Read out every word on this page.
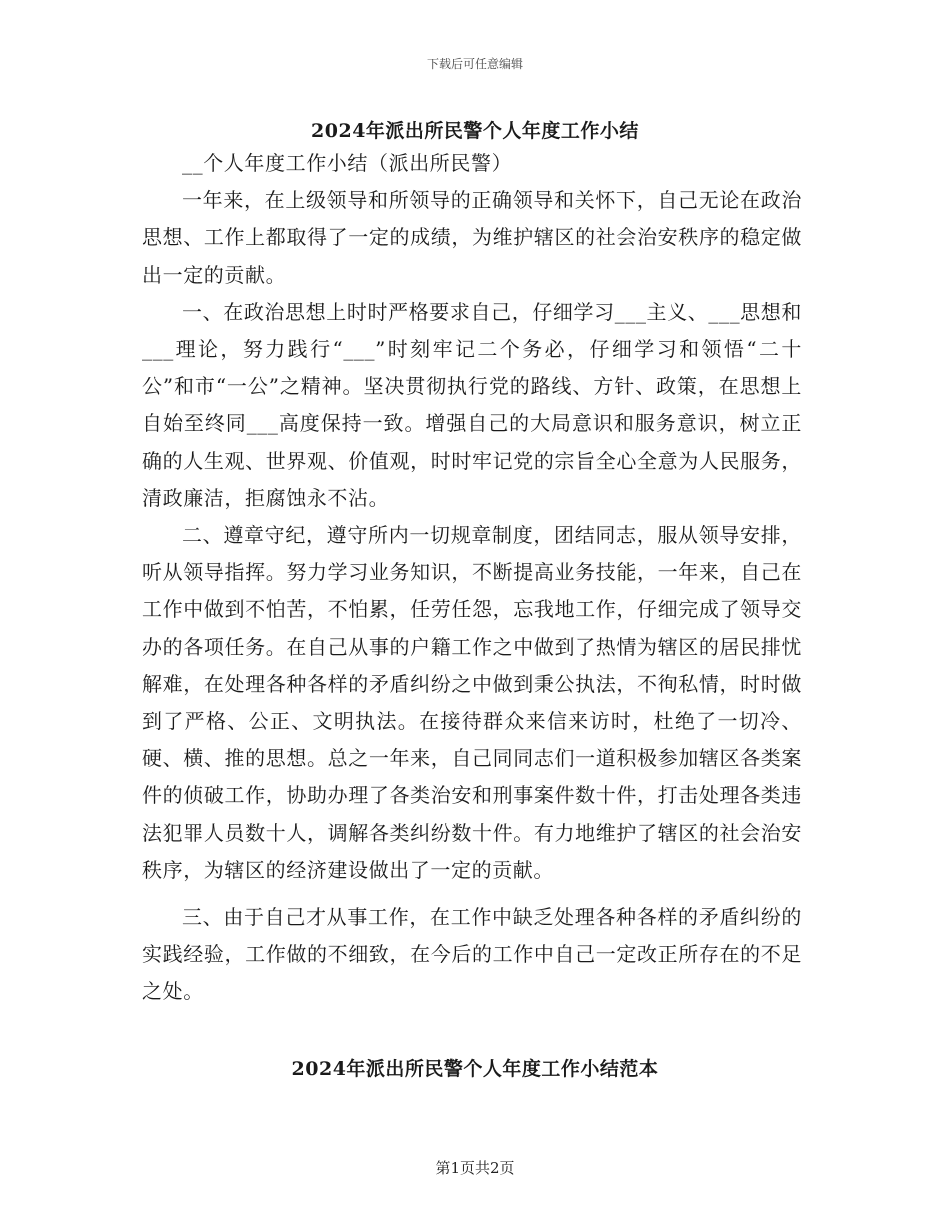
下载后可任意编辑
2024年派出所民警个人年度工作小结

__个人年度工作小结（派出所民警）

一年来，在上级领导和所领导的正确领导和关怀下，自己无论在政治思想、工作上都取得了一定的成绩，为维护辖区的社会治安秩序的稳定做出一定的贡献。

一、在政治思想上时时严格要求自己，仔细学习___主义、___思想和___理论，努力践行“___”时刻牢记二个务必，仔细学习和领悟“二十公”和市“一公”之精神。坚决贯彻执行党的路线、方针、政策，在思想上自始至终同___高度保持一致。增强自己的大局意识和服务意识，树立正确的人生观、世界观、价值观，时时牢记党的宗旨全心全意为人民服务，清政廉洁，拒腐蚀永不沾。

二、遵章守纪，遵守所内一切规章制度，团结同志，服从领导安排，听从领导指挥。努力学习业务知识，不断提高业务技能，一年来，自己在工作中做到不怕苦，不怕累，任劳任怨，忘我地工作，仔细完成了领导交办的各项任务。在自己从事的户籍工作之中做到了热情为辖区的居民排忧解难，在处理各种各样的矛盾纠纷之中做到秉公执法，不徇私情，时时做到了严格、公正、文明执法。在接待群众来信来访时，杜绝了一切冷、硬、横、推的思想。总之一年来，自己同同志们一道积极参加辖区各类案件的侦破工作，协助办理了各类治安和刑事案件数十件，打击处理各类违法犯罪人员数十人，调解各类纠纷数十件。有力地维护了辖区的社会治安秩序，为辖区的经济建设做出了一定的贡献。

三、由于自己才从事工作，在工作中缺乏处理各种各样的矛盾纠纷的实践经验，工作做的不细致，在今后的工作中自己一定改正所存在的不足之处。

2024年派出所民警个人年度工作小结范本
第1页共2页
